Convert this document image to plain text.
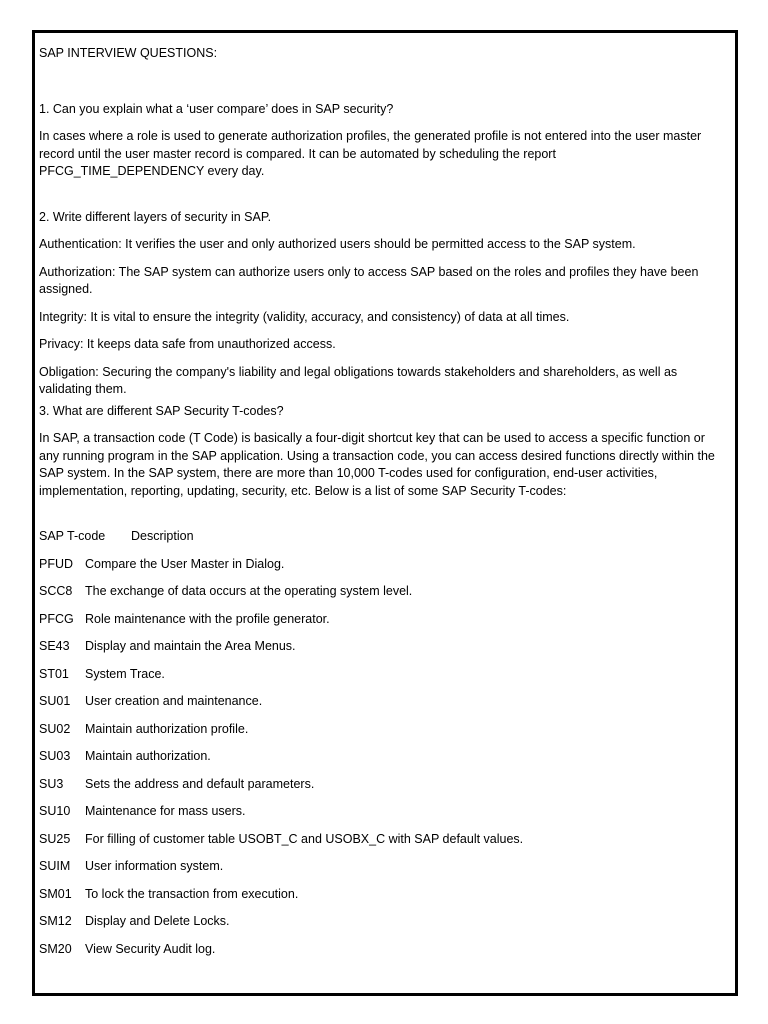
SAP INTERVIEW QUESTIONS:

1. Can you explain what a ‘user compare’ does in SAP security?

In cases where a role is used to generate authorization profiles, the generated profile is not entered into the user master record until the user master record is compared. It can be automated by scheduling the report PFCG_TIME_DEPENDENCY every day.

2. Write different layers of security in SAP.

Authentication: It verifies the user and only authorized users should be permitted access to the SAP system.

Authorization: The SAP system can authorize users only to access SAP based on the roles and profiles they have been assigned.

Integrity: It is vital to ensure the integrity (validity, accuracy, and consistency) of data at all times.

Privacy: It keeps data safe from unauthorized access.

Obligation: Securing the company's liability and legal obligations towards stakeholders and shareholders, as well as validating them.

3. What are different SAP Security T-codes?

In SAP, a transaction code (T Code) is basically a four-digit shortcut key that can be used to access a specific function or any running program in the SAP application. Using a transaction code, you can access desired functions directly within the SAP system. In the SAP system, there are more than 10,000 T-codes used for configuration, end-user activities, implementation, reporting, updating, security, etc. Below is a list of some SAP Security T-codes:

SAP T-code	Description
PFUD Compare the User Master in Dialog.
SCC8	The exchange of data occurs at the operating system level.
PFCG Role maintenance with the profile generator.
SE43	Display and maintain the Area Menus.
ST01	System Trace.
SU01	User creation and maintenance.
SU02	Maintain authorization profile.
SU03	Maintain authorization.
SU3	Sets the address and default parameters.
SU10	Maintenance for mass users.
SU25	For filling of customer table USOBT_C and USOBX_C with SAP default values.
SUIM	User information system.
SM01	To lock the transaction from execution.
SM12	Display and Delete Locks.
SM20	View Security Audit log.
